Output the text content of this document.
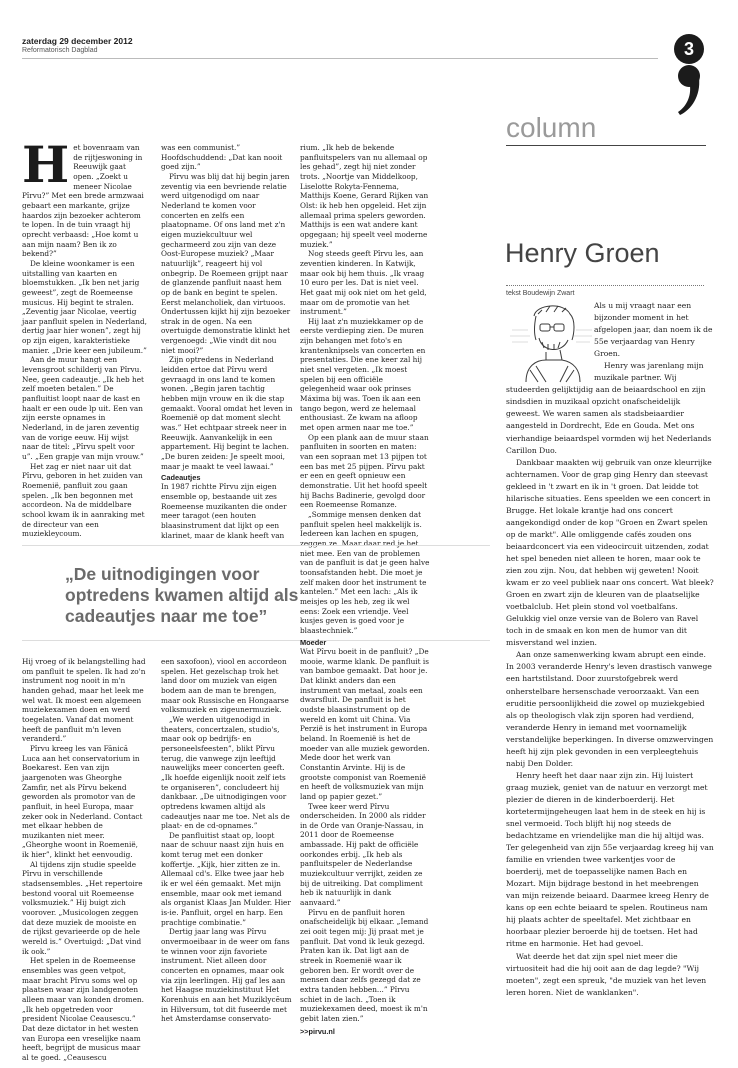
zaterdag 29 december 2012
Reformatorisch Dagblad	3
H et bovenraam van de rijtjeswoning in Reeuwijk gaat open. „Zoekt u meneer Nicolae Pîrvu?” Met een brede armzwaai gebaart een markante, grijze haardos zijn bezoeker achterom te lopen. In de tuin vraagt hij oprecht verbaasd: „Hoe komt u aan mijn naam? Ben ik zo bekend?”

De kleine woonkamer is een uitstalling van kaarten en bloemstukken. „Ik ben net jarig geweest”, zegt de Roemeense musicus. Hij begint te stralen. „Zeventig jaar Nicolae, veertig jaar panfluit spelen in Nederland, dertig jaar hier wonen”, zegt hij op zijn eigen, karakteristieke manier. „Drie keer een jubileum.”

Aan de muur hangt een levensgroot schilderij van Pîrvu. Nee, geen cadeautje. „Ik heb het zelf moeten betalen.” De panfluitist loopt naar de kast en haalt er een oude lp uit. Een van zijn eerste opnames in Nederland, in de jaren zeventig van de vorige eeuw. Hij wijst naar de titel: „Pîrvu spelt voor u”. „Een grapje van mijn vrouw.”

Het zag er niet naar uit dat Pîrvu, geboren in het zuiden van Roemenië, panfluit zou gaan spelen. „Ik ben begonnen met accordeon. Na de middelbare school kwam ik in aanraking met de directeur van een muziekleycoum.

was een communist.” Hoofdschuddend: „Dat kan nooit goed zijn.”

Pîrvu was blij dat hij begin jaren zeventig via een bevriende relatie werd uitgenodigd om naar Nederland te komen voor concerten en zelfs een plaatopname. Of ons land met z'n eigen muziekcultuur wel gecharmeerd zou zijn van deze Oost-Europese muziek? „Maar natuurlijk”, reageert hij vol onbegrip. De Roemeen grijpt naar de glanzende panfluit naast hem op de bank en begint te spelen. Eerst melancholiek, dan virtuoos. Ondertussen kijkt hij zijn bezoeker strak in de ogen. Na een overtuigde demonstratie klinkt het vergenoegd: „Wie vindt dit nou niet mooi?”

Zijn optredens in Nederland leidden ertoe dat Pîrvu werd gevraagd in ons land te komen wonen. „Begin jaren tachtig hebben mijn vrouw en ik die stap gemaakt. Vooral omdat het leven in Roemenië op dat moment slecht was.” Het echtpaar streek neer in Reeuwijk. Aanvankelijk in een appartement. Hij begint te lachen. „De buren zeiden: Je speelt mooi, maar je maakt te veel lawaai.”

Cadeautjes

In 1987 richtte Pîrvu zijn eigen ensemble op, bestaande uit zes Roemeense muzikanten die onder meer taragot (een houten blaasinstrument dat lijkt op een klarinet, maar de klank heeft van

rium. „Ik heb de bekende panfluitspelers van nu allemaal op les gehad”, zegt hij niet zonder trots. „Noortje van Middelkoop, Liselotte Rokyta-Fennema, Matthijs Koene, Gerard Rijken van Olst: ik heb hen opgeleid. Het zijn allemaal prima spelers geworden. Matthijs is een wat andere kant opgegaan; hij speelt veel moderne muziek.”

Nog steeds geeft Pîrvu les, aan zeventien kinderen. In Katwijk, maar ook bij hem thuis. „Ik vraag 10 euro per les. Dat is niet veel. Het gaat mij ook niet om het geld, maar om de promotie van het instrument.”

Hij laat z'n muziekkamer op de eerste verdieping zien. De muren zijn behangen met foto's en krantenknipsels van concerten en presentaties. Die ene keer zal hij niet snel vergeten. „Ik moest spelen bij een officiële gelegenheid waar ook prinses Máxima bij was. Toen ik aan een tango begon, werd ze helemaal enthousiast. Ze kwam na afloop met open armen naar me toe.”

Op een plank aan de muur staan panfluiten in soorten en maten: van een sopraan met 13 pijpen tot een bas met 25 pijpen. Pîrvu pakt er een en geeft opnieuw een demonstratie. Uit het hoofd speelt hij Bachs Badinerie, gevolgd door een Roemeense Romanze.

„Sommige mensen denken dat panfluit spelen heel makkelijk is. Iedereen kan lachen en spugen, zeggen ze. Maar daar red je het niet mee. Een van de problemen van de panfluit is dat je geen halve toonsafstanden hebt. Die moet je zelf maken door het instrument te kantelen.” Met een lach: „Als ik meisjes op les heb, zeg ik wel eens: Zoek een vriendje. Veel kusjes geven is goed voor je blaastechniek.”

„De uitnodigingen voor optredens kwamen altijd als cadeautjes naar me toe”

Hij vroeg of ik belangstelling had om panfluit te spelen. Ik had zo'n instrument nog nooit in m'n handen gehad, maar het leek me wel wat. Ik moest een algemeen muziekexamen doen en werd toegelaten. Vanaf dat moment heeft de panfluit m'n leven veranderd.”

Pîrvu kreeg les van Fănică Luca aan het conservatorium in Boekarest. Een van zijn jaargenoten was Gheorghe Zamfir, net als Pîrvu bekend geworden als promotor van de panfluit, in heel Europa, maar zeker ook in Nederland. Contact met elkaar hebben de muzikanten niet meer. „Gheorghe woont in Roemenië, ik hier”, klinkt het eenvoudig.

Al tijdens zijn studie speelde Pîrvu in verschillende stadsensembles. „Het repertoire bestond vooral uit Roemeense volksmuziek.” Hij buigt zich voorover. „Musicologen zeggen dat deze muziek de mooiste en de rijkst gevarieerde op de hele wereld is.” Overtuigd: „Dat vind ik ook.”

Het spelen in de Roemeense ensembles was geen vetpot, maar bracht Pîrvu soms wel op plaatsen waar zijn landgenoten alleen maar van konden dromen. „Ik heb opgetreden voor president Nicolae Ceausescu.” Dat deze dictator in het westen van Europa een vreselijke naam heeft, begrijpt de musicus maar al te goed. „Ceausescu

een saxofoon), viool en accordeon spelen. Het gezelschap trok het land door om muziek van eigen bodem aan de man te brengen, maar ook Russische en Hongaarse volksmuziek en zigeunermuziek.

„We werden uitgenodigd in theaters, concertzalen, studio's, maar ook op bedrijfs- en personeelsfeesten”, blikt Pîrvu terug, die vanwege zijn leeftijd nauwelijks meer concerten geeft. „Ik hoefde eigenlijk nooit zelf iets te organiseren”, concludeert hij dankbaar. „De uitnodigingen voor optredens kwamen altijd als cadeautjes naar me toe. Net als de plaat- en de cd-opnames.”

De panfluitist staat op, loopt naar de schuur naast zijn huis en komt terug met een donker koffertje. „Kijk, hier zitten ze in. Allemaal cd's. Elke twee jaar heb ik er wel één gemaakt. Met mijn ensemble, maar ook met iemand als organist Klaas Jan Mulder. Hier is-ie. Panfluit, orgel en harp. Een prachtige combinatie.”

Dertig jaar lang was Pîrvu onvermoeibaar in de weer om fans te winnen voor zijn favoriete instrument. Niet alleen door concerten en opnames, maar ook via zijn leerlingen. Hij gaf les aan het Haagse muziekinstituut Het Korenhuis en aan het Muziklycēum in Hilversum, tot dit fuseerde met het Amsterdamse conservato-

Moeder

Wat Pîrvu boeit in de panfluit? „De mooie, warme klank. De panfluit is van bamboe gemaakt. Dat hoor je. Dat klinkt anders dan een instrument van metaal, zoals een dwarsfluit. De panfluit is het oudste blaasinstrument op de wereld en komt uit China. Via Perzië is het instrument in Europa beland. In Roemenië is het de moeder van alle muziek geworden. Mede door het werk van Constantin Arvinte. Hij is de grootste componist van Roemenië en heeft de volksmuziek van mijn land op papier gezet.”

Twee keer werd Pîrvu onderscheiden. In 2000 als ridder in de Orde van Oranje-Nassau, in 2011 door de Roemeense ambassade. Hij pakt de officiële oorkondes erbij. „Ik heb als panfluitspeler de Nederlandse muziekcultuur verrijkt, zeiden ze bij de uitreiking. Dat compliment heb ik natuurlijk in dank aanvaard.”

Pîrvu en de panfluit horen onafscheidelijk bij elkaar. „Iemand zei ooit tegen mij: Jij praat met je panfluit. Dat vond ik leuk gezegd. Praten kan ik. Dat ligt aan de streek in Roemenië waar ik geboren ben. Er wordt over de mensen daar zelfs gezegd dat ze extra tanden hebben...” Pîrvu schiet in de lach. „Toen ik muziekexamen deed, moest ik m'n gebit laten zien.”

>>pirvu.nl

column
Henry Groen
tekst Boudewijn Zwart

Als u mij vraagt naar een bijzonder moment in het afgelopen jaar, dan noem ik de 55e verjaardag van Henry Groen.

Henry was jarenlang mijn muzikale partner. Wij studeerden gelijktijdig aan de beiaardschool en zijn sindsdien in muzikaal opzicht onafscheidelijk geweest. We waren samen als stadsbeiaardier aangesteld in Dordrecht, Ede en Gouda. Met ons vierhandige beiaardspel vormden wij het Nederlands Carillon Duo.

Dankbaar maakten wij gebruik van onze kleurrijke achternamen. Voor de grap ging Henry dan steevast gekleed in 't zwart en ik in 't groen. Dat leidde tot hilarische situaties. Eens speelden we een concert in Brugge. Het lokale krantje had ons concert aangekondigd onder de kop "Groen en Zwart spelen op de markt". Alle omliggende cafés zouden ons beiaardconcert via een videocircuit uitzenden, zodat het spel beneden niet alleen te horen, maar ook te zien zou zijn. Nou, dat hebben wij geweten! Nooit kwam er zo veel publiek naar ons concert. Wat bleek? Groen en zwart zijn de kleuren van de plaatselijke voetbalclub. Het plein stond vol voetbalfans. Gelukkig viel onze versie van de Bolero van Ravel toch in de smaak en kon men de humor van dit misverstand wel inzien.

Aan onze samenwerking kwam abrupt een einde. In 2003 veranderde Henry's leven drastisch vanwege een hartstilstand. Door zuurstofgebrek werd onherstelbare hersenschade veroorzaakt. Van een eruditie persoonlijkheid die zowel op muziekgebied als op theologisch vlak zijn sporen had verdiend, veranderde Henry in iemand met voornamelijk verstandelijke beperkingen. In diverse omzwervingen heeft hij zijn plek gevonden in een verpleegtehuis nabij Den Dolder.

Henry heeft het daar naar zijn zin. Hij luistert graag muziek, geniet van de natuur en verzorgt met plezier de dieren in de kinderboerderij. Het kortetermijngeheugen laat hem in de steek en hij is snel vermoeid. Toch blijft hij nog steeds de bedachtzame en vriendelijke man die hij altijd was. Ter gelegenheid van zijn 55e verjaardag kreeg hij van familie en vrienden twee varkentjes voor de boerderij, met de toepasselijke namen Bach en Mozart. Mijn bijdrage bestond in het meebrengen van mijn reizende beiaard. Daarmee kreeg Henry de kans op een echte beiaard te spelen. Routineus nam hij plaats achter de speeltafel. Met zichtbaar en hoorbaar plezier beroerde hij de toetsen. Het had ritme en harmonie. Het had gevoel.

Wat deerde het dat zijn spel niet meer die virtuositeit had die hij ooit aan de dag legde? "Wij moeten", zegt een spreuk, "de muziek van het leven leren horen. Niet de wanklanken".
